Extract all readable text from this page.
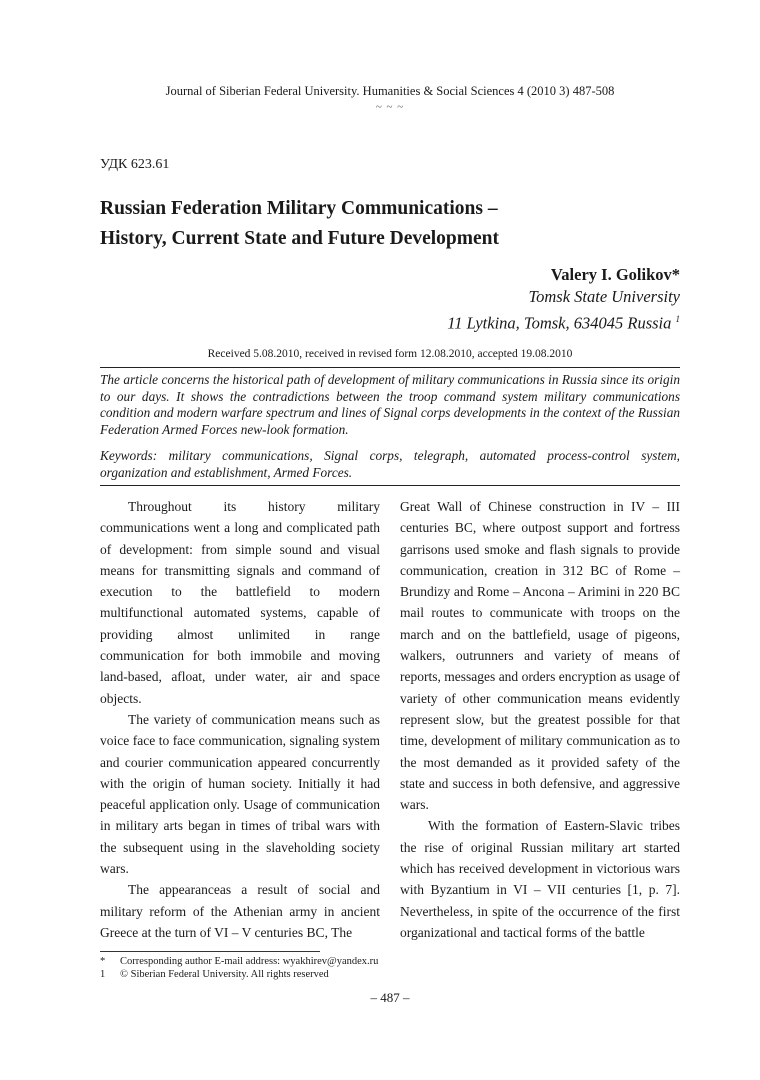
Journal of Siberian Federal University. Humanities & Social Sciences 4 (2010 3) 487-508
~ ~ ~
УДК 623.61
Russian Federation Military Communications –
History, Current State and Future Development
Valery I. Golikov*
Tomsk State University
11 Lytkina, Tomsk, 634045 Russia $^1$
Received 5.08.2010, received in revised form 12.08.2010, accepted 19.08.2010
The article concerns the historical path of development of military communications in Russia since its origin to our days. It shows the contradictions between the troop command system military communications condition and modern warfare spectrum and lines of Signal corps developments in the context of the Russian Federation Armed Forces new-look formation.
Keywords: military communications, Signal corps, telegraph, automated process-control system, organization and establishment, Armed Forces.

Throughout its history military communications went a long and complicated path of development: from simple sound and visual means for transmitting signals and command of execution to the battlefield to modern multifunctional automated systems, capable of providing almost unlimited in range communication for both immobile and moving land-based, afloat, under water, air and space objects.

The variety of communication means such as voice face to face communication, signaling system and courier communication appeared concurrently with the origin of human society. Initially it had peaceful application only. Usage of communication in military arts began in times of tribal wars with the subsequent using in the slaveholding society wars.

The appearanceas a result of social and military reform of the Athenian army in ancient Greece at the turn of VI – V centuries BC, The

Great Wall of Chinese construction in IV – III centuries BC, where outpost support and fortress garrisons used smoke and flash signals to provide communication, creation in 312 BC of Rome – Brundizy and Rome – Ancona – Arimini in 220 BC mail routes to communicate with troops on the march and on the battlefield, usage of pigeons, walkers, outrunners and variety of means of reports, messages and orders encryption as usage of variety of other communication means evidently represent slow, but the greatest possible for that time, development of military communication as to the most demanded as it provided safety of the state and success in both defensive, and aggressive wars.

With the formation of Eastern-Slavic tribes the rise of original Russian military art started which has received development in victorious wars with Byzantium in VI – VII centuries [1, p. 7]. Nevertheless, in spite of the occurrence of the first organizational and tactical forms of the battle

* Corresponding author E-mail address: wyakhirev@yandex.ru
1 © Siberian Federal University. All rights reserved
– 487 –
